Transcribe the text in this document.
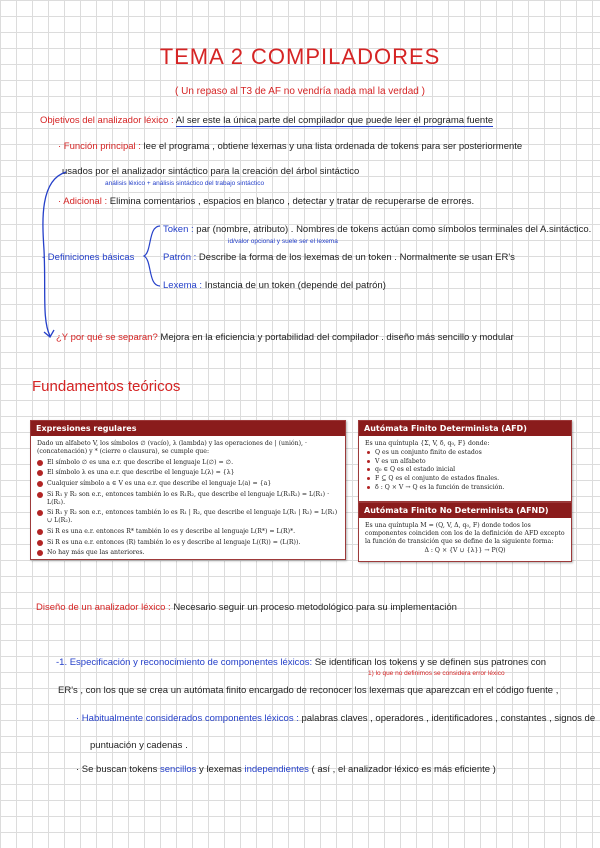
TEMA 2 COMPILADORES
( Un repaso al T3 de AF no vendría nada mal la verdad )
Objetivos del analizador léxico : Al ser este la única parte del compilador que puede leer el programa fuente
· Función principal : lee el programa , obtiene lexemas y una lista ordenada de tokens para ser posteriormente
usados por el analizador sintáctico para la creación del árbol sintáctico
análisis léxico + análisis sintáctico del trabajo sintáctico
· Adicional : Elimina comentarios , espacios en blanco , detectar y tratar de recuperarse de errores.
- Definiciones básicas
Token : par (nombre, atributo) . Nombres de tokens actúan como símbolos terminales del A.sintáctico.
id/valor opcional y suele ser el lexema
Patrón : Describe la forma de los lexemas de un token . Normalmente se usan ER's
Lexema : Instancia de un token (depende del patrón)
¿Y por qué se separan? Mejora en la eficiencia y portabilidad del compilador . diseño más sencillo y modular
Fundamentos teóricos
Expresiones regulares
Dado un alfabeto V, los símbolos ∅ (vacío), λ (lambda) y las operaciones de | (unión), · (concatenación) y * (cierre o clausura), se cumple que:
El símbolo ∅ es una e.r. que describe el lenguaje L(∅) = ∅.
El símbolo λ es una e.r. que describe el lenguaje L(λ) = {λ}
Cualquier símbolo a ∈ V es una e.r. que describe el lenguaje L(a) = {a}
Si R₁ y R₂ son e.r., entonces también lo es R₁R₂, que describe el lenguaje L(R₁R₂) = L(R₁) · L(R₂).
Si R₁ y R₂ son e.r., entonces también lo es R₁ | R₂, que describe el lenguaje L(R₁ | R₂) = L(R₁) ∪ L(R₂).
Si R es una e.r. entonces R* también lo es y describe al lenguaje L(R*) = L(R)*.
Si R es una e.r. entonces (R) también lo es y describe al lenguaje L((R)) = (L(R)).
No hay más que las anteriores.
Autómata Finito Determinista (AFD)
Es una quíntupla {Σ, V, δ, q₀, F} donde:
Q es un conjunto finito de estados
V es un alfabeto
q₀ ∈ Q es el estado inicial
F ⊆ Q es el conjunto de estados finales.
δ : Q × V → Q es la función de transición.
Autómata Finito No Determinista (AFND)
Es una quíntupla M = (Q, V, Δ, q₀, F) donde todos los componentes coinciden con los de la definición de AFD excepto la función de transición que se define de la siguiente forma:
Δ : Q × {V ∪ {λ}} → P(Q)
Diseño de un analizador léxico : Necesario seguir un proceso metodológico para su implementación
-1. Especificación y reconocimiento de componentes léxicos: Se identifican los tokens y se definen sus patrones con
1) lo que no definimos se considera error léxico
ER's , con los que se crea un autómata finito encargado de reconocer los lexemas que aparezcan en el código fuente ,
· Habitualmente considerados componentes léxicos : palabras claves , operadores , identificadores , constantes , signos de
puntuación y cadenas .
· Se buscan tokens sencillos y lexemas independientes ( así , el analizador léxico es más eficiente )
